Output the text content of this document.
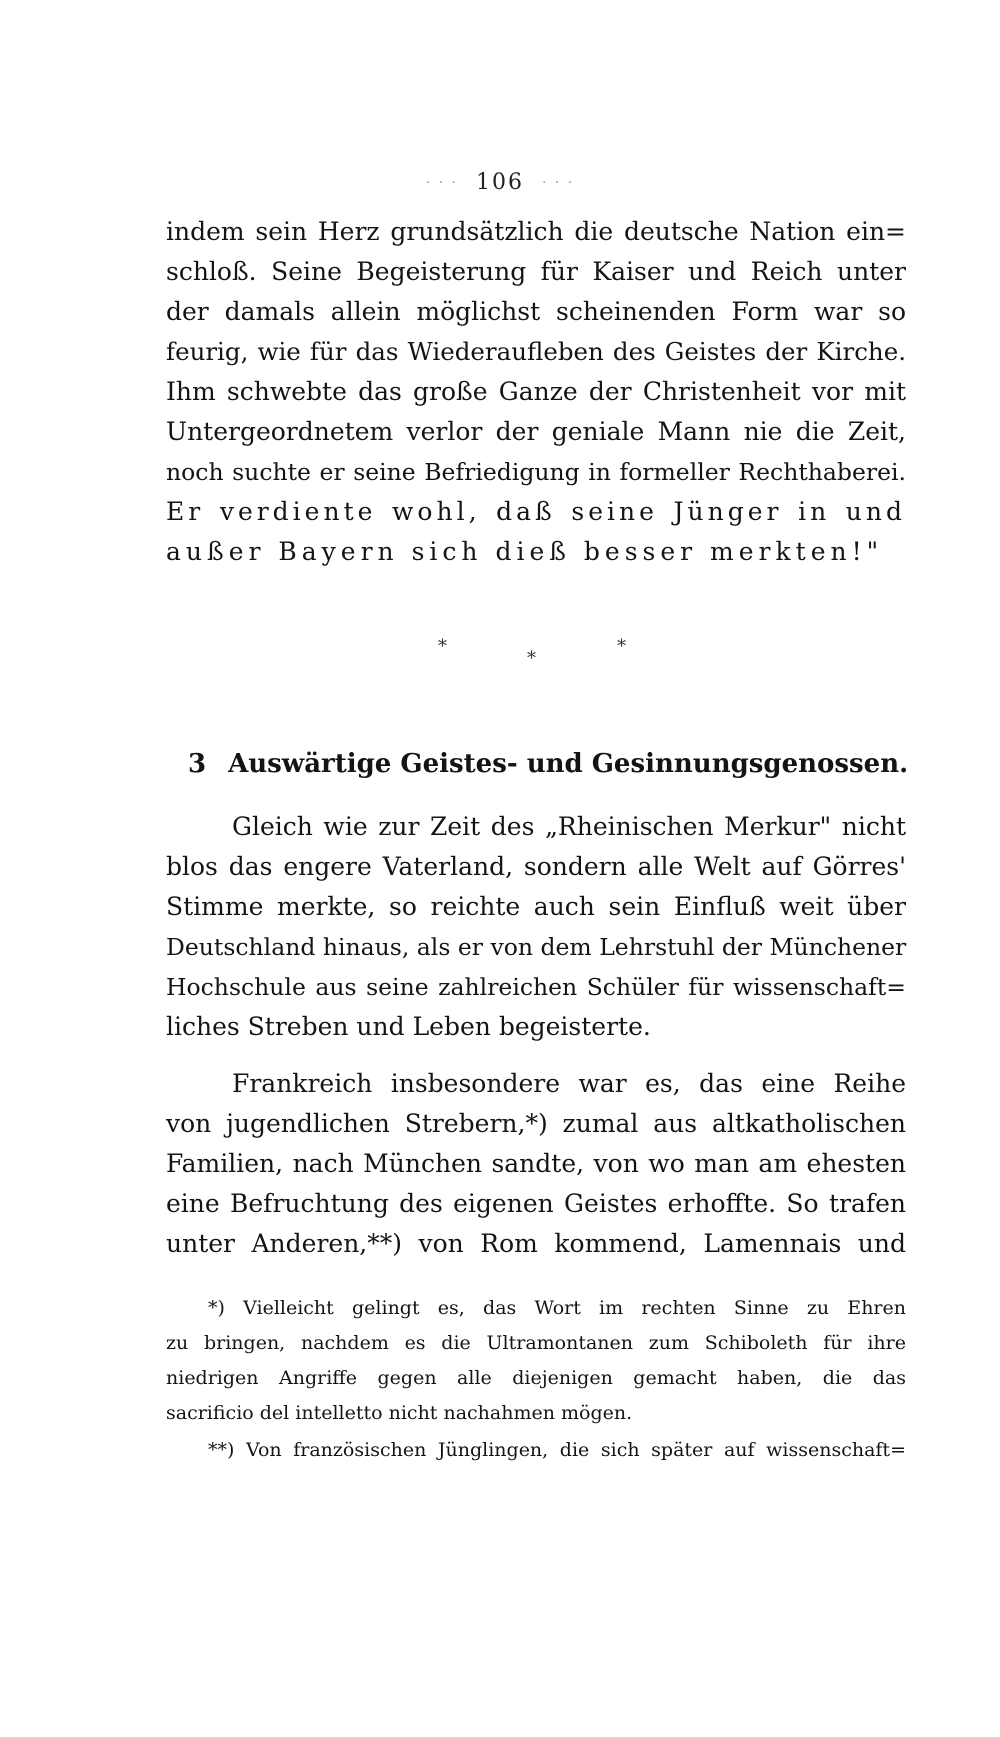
· · · 106 · · ·
indem sein Herz grundsätzlich die deutsche Nation ein=
schloß. Seine Begeisterung für Kaiser und Reich unter
der damals allein möglichst scheinenden Form war so
feurig, wie für das Wiederaufleben des Geistes der Kirche.
Ihm schwebte das große Ganze der Christenheit vor mit
Untergeordnetem verlor der geniale Mann nie die Zeit,
noch suchte er seine Befriedigung in formeller Rechthaberei.
Er verdiente wohl, daß seine Jünger in und
außer Bayern sich dieß besser merkten!"
*
*
*
3 Auswärtige Geistes- und Gesinnungsgenossen.
Gleich wie zur Zeit des „Rheinischen Merkur" nicht
blos das engere Vaterland, sondern alle Welt auf Görres'
Stimme merkte, so reichte auch sein Einfluß weit über
Deutschland hinaus, als er von dem Lehrstuhl der Münchener
Hochschule aus seine zahlreichen Schüler für wissenschaft=
liches Streben und Leben begeisterte.
Frankreich insbesondere war es, das eine Reihe
von jugendlichen Strebern,*) zumal aus altkatholischen
Familien, nach München sandte, von wo man am ehesten
eine Befruchtung des eigenen Geistes erhoffte. So trafen
unter Anderen,**) von Rom kommend, Lamennais und
*) Vielleicht gelingt es, das Wort im rechten Sinne zu Ehren
zu bringen, nachdem es die Ultramontanen zum Schiboleth für ihre
niedrigen Angriffe gegen alle diejenigen gemacht haben, die das
sacrificio del intelletto nicht nachahmen mögen.
**) Von französischen Jünglingen, die sich später auf wissenschaft=
